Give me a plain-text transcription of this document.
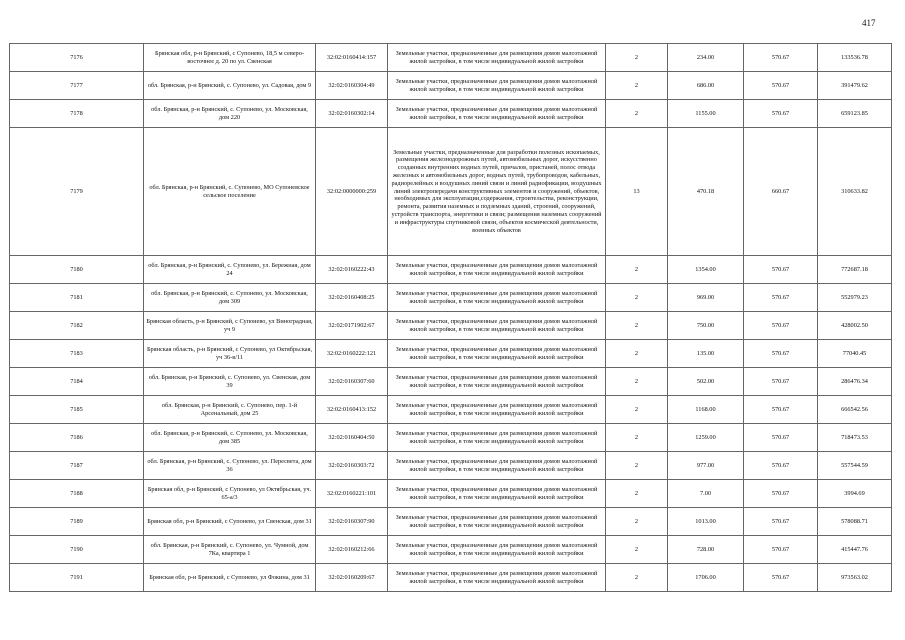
417
7176	Брянская обл, р-н Брянский, с Супонево, 18,5 м северо-восточнее д. 20 по ул. Свенская	32:02:0160414:157	Земельные участки, предназначенные для размещения домов малоэтажной жилой застройки, в том числе индивидуальной жилой застройки	2	234.00	570.67	133536.78
7177	обл. Брянская, р-н Брянский, с. Супонево, ул. Садовая, дом 9	32:02:0160304:49	Земельные участки, предназначенные для размещения домов малоэтажной жилой застройки, в том числе индивидуальной жилой застройки	2	686.00	570.67	391479.62
7178	обл. Брянская, р-н Брянский, с. Супонево, ул. Московская, дом 220	32:02:0160302:14	Земельные участки, предназначенные для размещения домов малоэтажной жилой застройки, в том числе индивидуальной жилой застройки	2	1155.00	570.67	659123.85
7179	обл. Брянская, р-н Брянский, с. Супонево, МО Супоневское сельское поселение	32:02:0000000:259	Земельные участки, предназначенные для разработки полезных ископаемых, размещения железнодорожных путей, автомобильных дорог, искусственно созданных внутренних водных путей, причалов, пристаней, полос отвода железных и автомобильных дорог, водных путей, трубопроводов, кабельных, радиорелейных и воздушных линий связи и линий радиофикации, воздушных линий электропередачи конструктивных элементов и сооружений, объектов, необходимых для эксплуатации,содержания, строительства, реконструкции, ремонта, развития наземных и подземных зданий, строений, сооружений, устройств транспорта, энергетики и связи; размещения наземных сооружений и инфраструктуры спутниковой связи, объектов космической деятельности, военных объектов	13	470.18	660.67	310633.82
7180	обл. Брянская, р-н Брянский, с. Супонево, ул. Бережная, дом 24	32:02:0160222:43	Земельные участки, предназначенные для размещения домов малоэтажной жилой застройки, в том числе индивидуальной жилой застройки	2	1354.00	570.67	772687.18
7181	обл. Брянская, р-н Брянский, с. Супонево, ул. Московская, дом 309	32:02:0160408:25	Земельные участки, предназначенные для размещения домов малоэтажной жилой застройки, в том числе индивидуальной жилой застройки	2	969.00	570.67	552979.23
7182	Брянская область, р-н Брянский, с Супонево, ул Виноградная, уч 9	32:02:0171902:67	Земельные участки, предназначенные для размещения домов малоэтажной жилой застройки, в том числе индивидуальной жилой застройки	2	750.00	570.67	428002.50
7183	Брянская область, р-н Брянский, с Супонево, ул Октябрьская, уч 36-в/11	32:02:0160222:121	Земельные участки, предназначенные для размещения домов малоэтажной жилой застройки, в том числе индивидуальной жилой застройки	2	135.00	570.67	77040.45
7184	обл. Брянская, р-н Брянский, с. Супонево, ул. Свенская, дом 39	32:02:0160307:60	Земельные участки, предназначенные для размещения домов малоэтажной жилой застройки, в том числе индивидуальной жилой застройки	2	502.00	570.67	286476.34
7185	обл. Брянская, р-н Брянский, с. Супонево, пер. 1-й Арсенальный, дом 25	32:02:0160413:152	Земельные участки, предназначенные для размещения домов малоэтажной жилой застройки, в том числе индивидуальной жилой застройки	2	1168.00	570.67	666542.56
7186	обл. Брянская, р-н Брянский, с. Супонево, ул. Московская, дом 385	32:02:0160404:50	Земельные участки, предназначенные для размещения домов малоэтажной жилой застройки, в том числе индивидуальной жилой застройки	2	1259.00	570.67	718473.53
7187	обл. Брянская, р-н Брянский, с. Супонево, ул. Пересвета, дом 36	32:02:0160303:72	Земельные участки, предназначенные для размещения домов малоэтажной жилой застройки, в том числе индивидуальной жилой застройки	2	977.00	570.67	557544.59
7188	Брянская обл, р-н Брянский, с Супонево, ул Октябрьская, уч. 65-а/3	32:02:0160221:101	Земельные участки, предназначенные для размещения домов малоэтажной жилой застройки, в том числе индивидуальной жилой застройки	2	7.00	570.67	3994.69
7189	Брянская обл, р-н Брянский, с Супонево, ул Свенская, дом 31	32:02:0160307:90	Земельные участки, предназначенные для размещения домов малоэтажной жилой застройки, в том числе индивидуальной жилой застройки	2	1013.00	570.67	578088.71
7190	обл. Брянская, р-н Брянский, с. Супонево, ул. Чумной, дом 7Ка, квартира 1	32:02:0160212:66	Земельные участки, предназначенные для размещения домов малоэтажной жилой застройки, в том числе индивидуальной жилой застройки	2	728.00	570.67	415447.76
7191	Брянская обл, р-н Брянский, с Супонево, ул Фокина, дом 31	32:02:0160209:67	Земельные участки, предназначенные для размещения домов малоэтажной жилой застройки, в том числе индивидуальной жилой застройки	2	1706.00	570.67	973563.02
